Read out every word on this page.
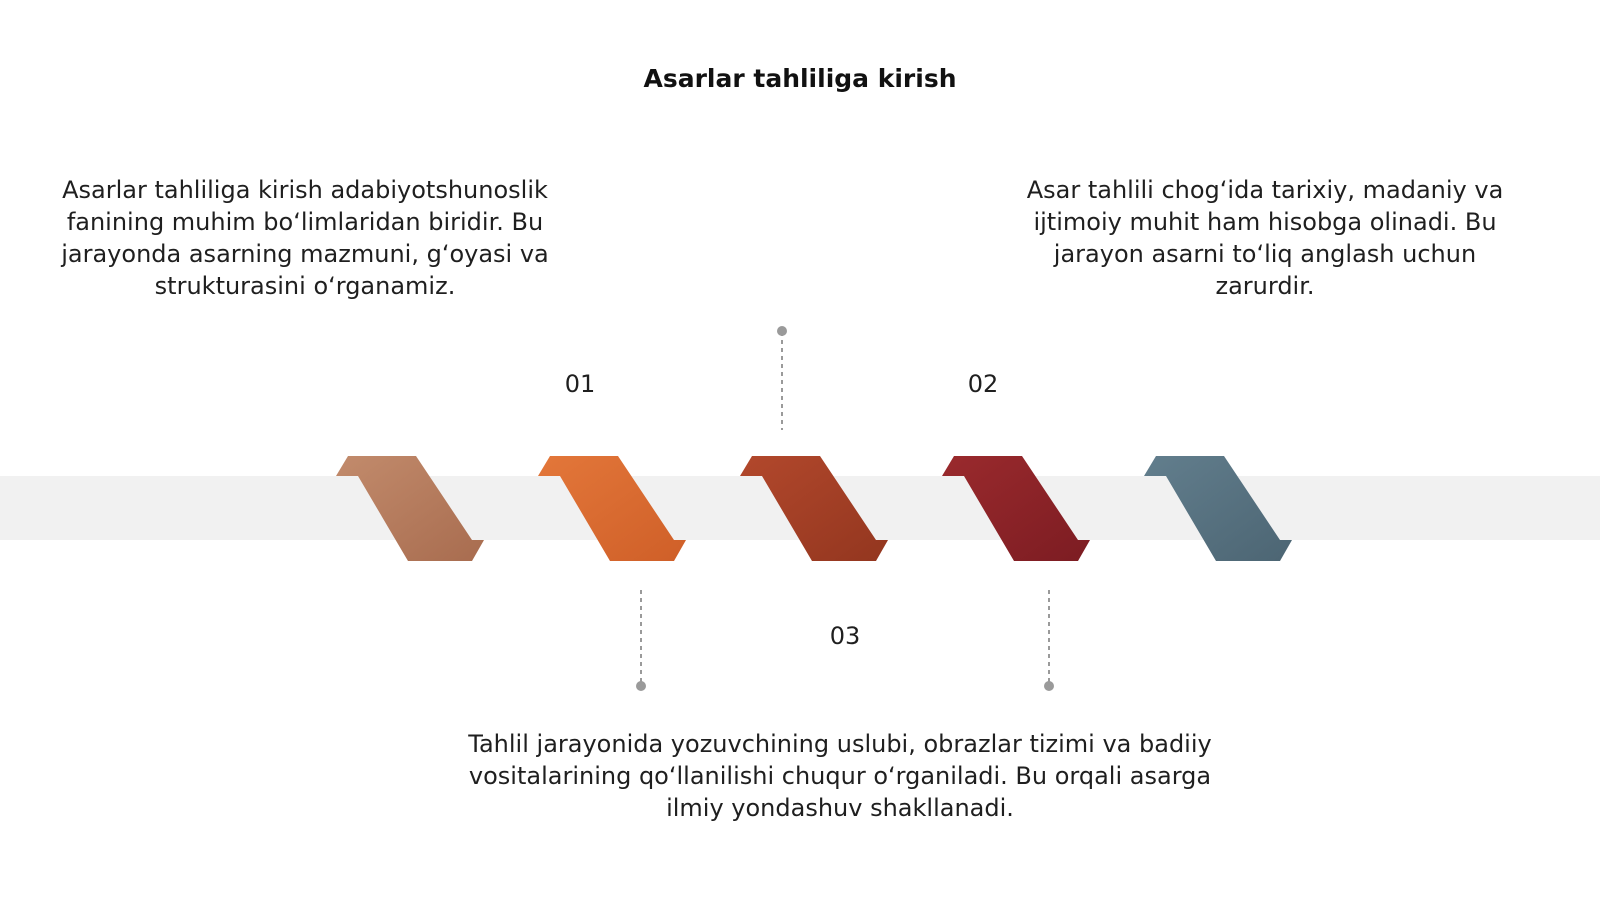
Asarlar tahliliga kirish
Asarlar tahliliga kirish adabiyotshunoslik fanining muhim bo‘limlaridan biridir. Bu jarayonda asarning mazmuni, g‘oyasi va strukturasini o‘rganamiz.
Asar tahlili chog‘ida tarixiy, madaniy va ijtimoiy muhit ham hisobga olinadi. Bu jarayon asarni to‘liq anglash uchun zarurdir.
Tahlil jarayonida yozuvchining uslubi, obrazlar tizimi va badiiy vositalarining qo‘llanilishi chuqur o‘rganiladi. Bu orqali asarga ilmiy yondashuv shakllanadi.
01	02
03
